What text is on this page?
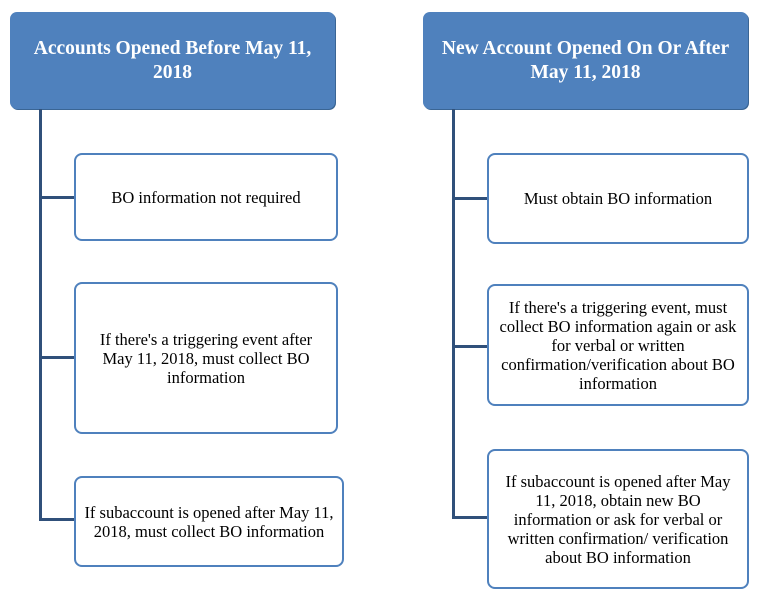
Accounts Opened Before May 11, 2018
BO information not required
If there's a triggering event after May 11, 2018, must collect BO information
If subaccount is opened after May 11, 2018, must collect BO information
New Account Opened On Or After May 11, 2018
Must obtain BO information
If there's a triggering event, must collect BO information again or ask for verbal or written confirmation/verification about BO information
If subaccount is opened after May 11, 2018, obtain new BO information or ask for verbal or written confirmation/ verification about BO information
